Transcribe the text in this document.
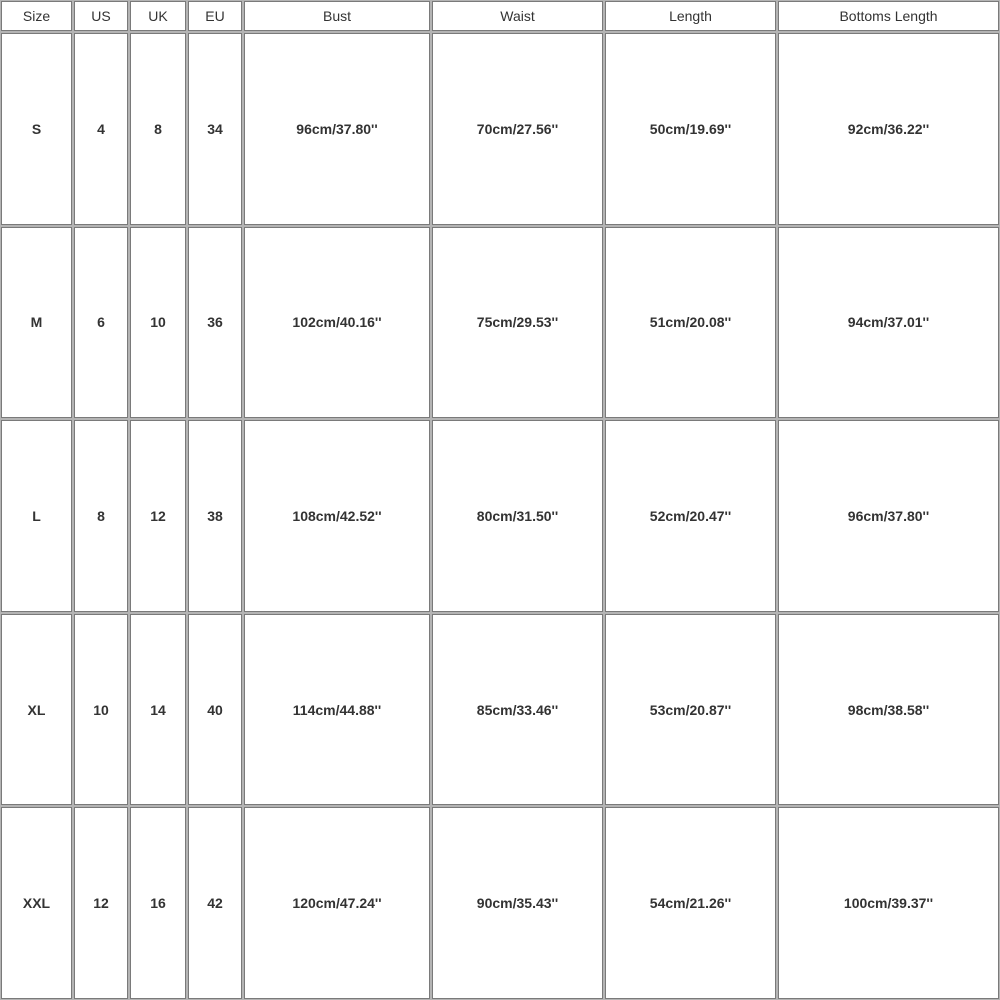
Size	US	UK	EU	Bust	Waist	Length	Bottoms Length
S	4	8	34	96cm/37.80''	70cm/27.56''	50cm/19.69''	92cm/36.22''
M	6	10	36	102cm/40.16''	75cm/29.53''	51cm/20.08''	94cm/37.01''
L	8	12	38	108cm/42.52''	80cm/31.50''	52cm/20.47''	96cm/37.80''
XL	10	14	40	114cm/44.88''	85cm/33.46''	53cm/20.87''	98cm/38.58''
XXL	12	16	42	120cm/47.24''	90cm/35.43''	54cm/21.26''	100cm/39.37''
